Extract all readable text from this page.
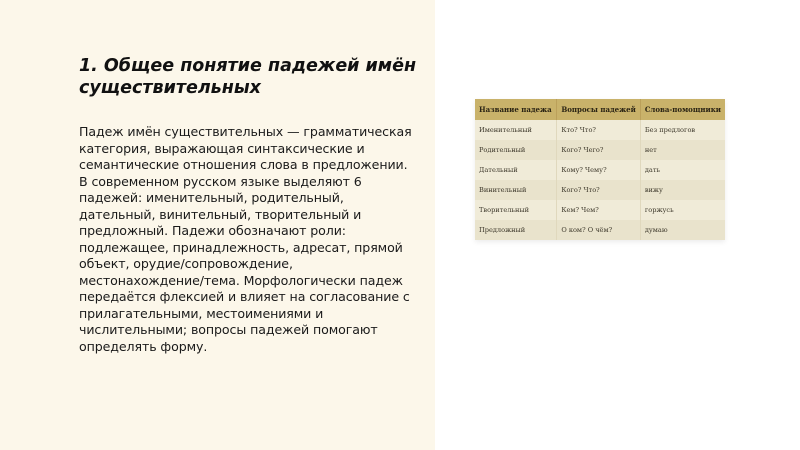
1. Общее понятие падежей имён существительных

Падеж имён существительных — грамматическая категория, выражающая синтаксические и семантические отношения слова в предложении. В современном русском языке выделяют 6 падежей: именительный, родительный, дательный, винительный, творительный и предложный. Падежи обозначают роли: подлежащее, принадлежность, адресат, прямой объект, орудие/сопровождение, местонахождение/тема. Морфологически падеж передаётся флексией и влияет на согласование с прилагательными, местоимениями и числительными; вопросы падежей помогают определять форму.

Название падежа	Вопросы падежей	Слова-помощники
Именительный	Кто? Что?	Без предлогов
Родительный	Кого? Чего?	нет
Дательный	Кому? Чему?	дать
Винительный	Кого? Что?	вижу
Творительный	Кем? Чем?	горжусь
Предложный	О ком? О чём?	думаю
